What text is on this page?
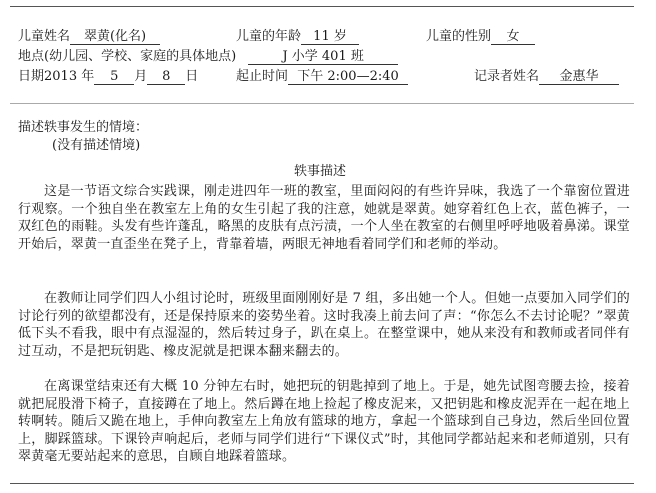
儿童姓名 翠黄(化名)	儿童的年龄 11 岁	儿童的性别 女
地点(幼儿园、学校、家庭的具体地点)	J 小学 401 班
日期2013 年 5 月 8 日	起止时间 下午 2:00—2:40	记录者姓名 金惠华
描述轶事发生的情境：
(没有描述情境)
轶事描述
这是一节语文综合实践课，刚走进四年一班的教室，里面闷闷的有些许异味，我选了一个靠窗位置进行观察。一个独自坐在教室左上角的女生引起了我的注意，她就是翠黄。她穿着红色上衣，蓝色裤子，一双红色的雨鞋。头发有些许蓬乱，略黑的皮肤有点污渍，一个人坐在教室的右侧里呼呼地吸着鼻涕。课堂开始后，翠黄一直歪坐在凳子上，背靠着墙，两眼无神地看着同学们和老师的举动。
在教师让同学们四人小组讨论时，班级里面刚刚好是 7 组，多出她一个人。但她一点要加入同学们的讨论行列的欲望都没有，还是保持原来的姿势坐着。这时我凑上前去问了声：“你怎么不去讨论呢？”翠黄低下头不看我，眼中有点湿湿的，然后转过身子，趴在桌上。在整堂课中，她从来没有和教师或者同伴有过互动，不是把玩钥匙、橡皮泥就是把课本翻来翻去的。
在离课堂结束还有大概 10 分钟左右时，她把玩的钥匙掉到了地上。于是，她先试图弯腰去捡，接着就把屁股滑下椅子，直接蹲在了地上。然后蹲在地上捡起了橡皮泥来，又把钥匙和橡皮泥弄在一起在地上转啊转。随后又跪在地上，手伸向教室左上角放有篮球的地方，拿起一个篮球到自己身边，然后坐回位置上，脚踩篮球。下课铃声响起后，老师与同学们进行“下课仪式”时，其他同学都站起来和老师道别，只有翠黄毫无要站起来的意思，自顾自地踩着篮球。
